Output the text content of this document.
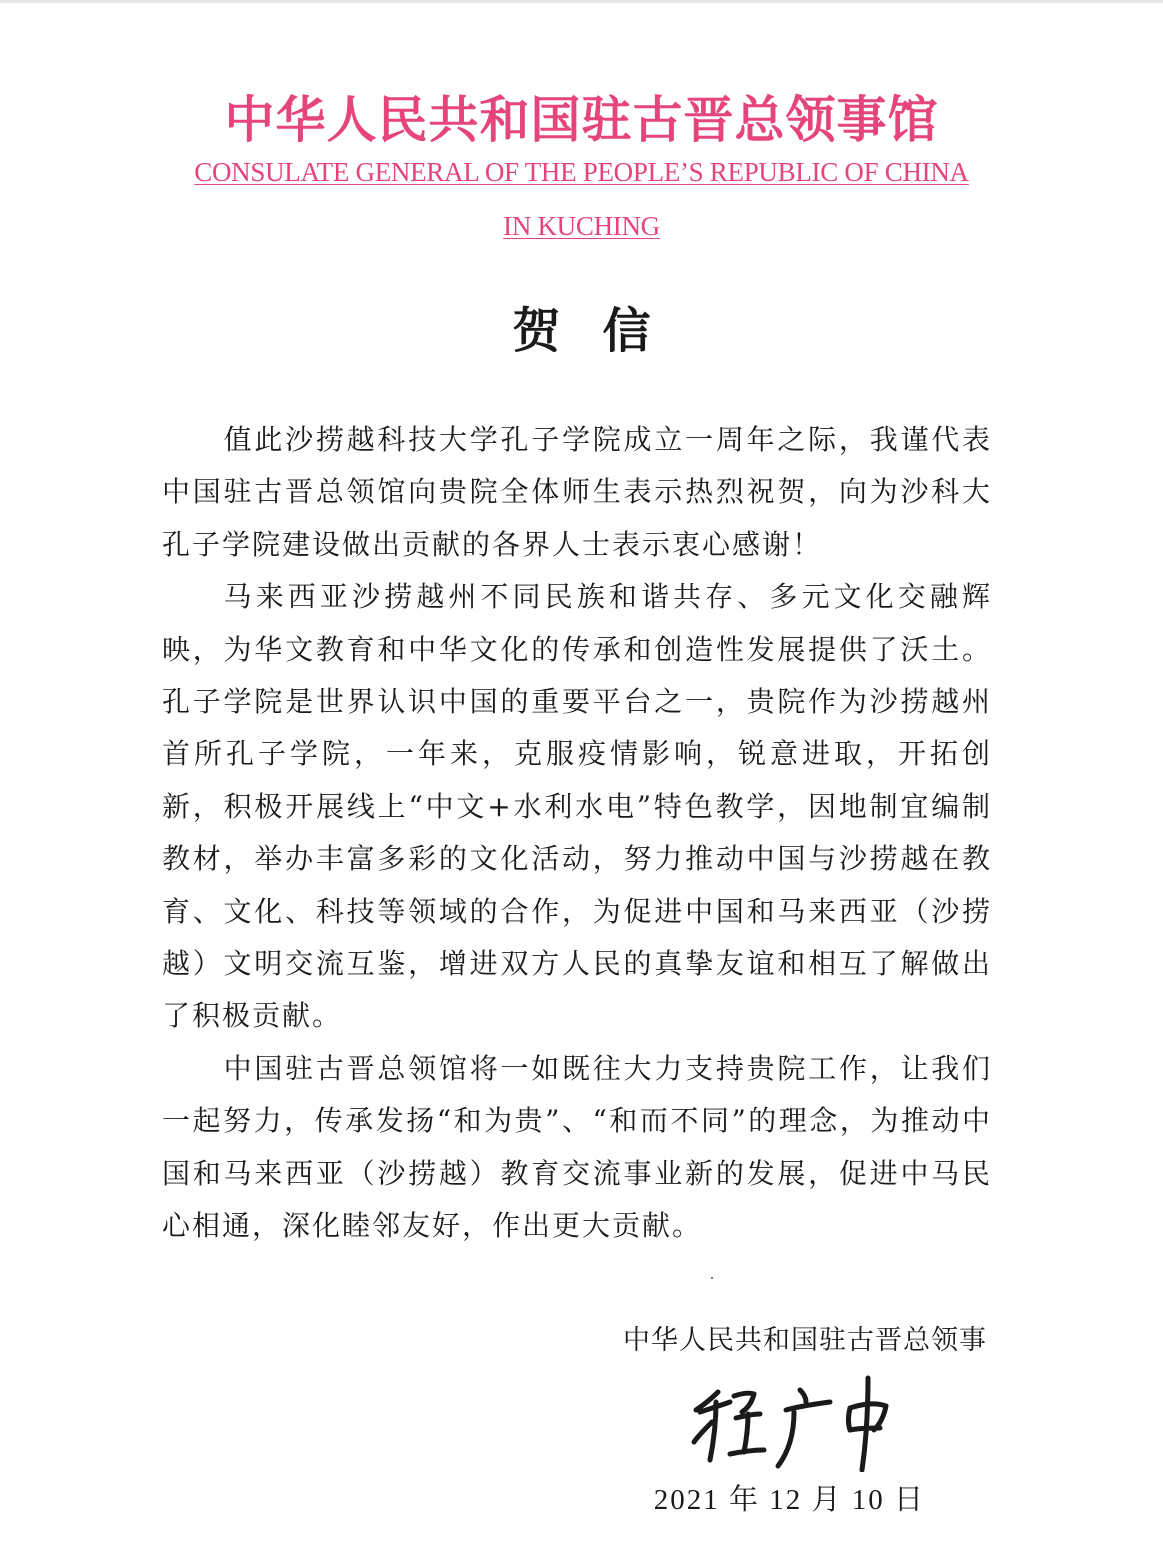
中华人民共和国驻古晋总领事馆
CONSULATE GENERAL OF THE PEOPLE’S REPUBLIC OF CHINA
IN KUCHING
贺信

值此沙捞越科技大学孔子学院成立一周年之际，我谨代表中国驻古晋总领馆向贵院全体师生表示热烈祝贺，向为沙科大孔子学院建设做出贡献的各界人士表示衷心感谢！

马来西亚沙捞越州不同民族和谐共存、多元文化交融辉映，为华文教育和中华文化的传承和创造性发展提供了沃土。孔子学院是世界认识中国的重要平台之一，贵院作为沙捞越州首所孔子学院，一年来，克服疫情影响，锐意进取，开拓创新，积极开展线上“中文+水利水电”特色教学，因地制宜编制教材，举办丰富多彩的文化活动，努力推动中国与沙捞越在教育、文化、科技等领域的合作，为促进中国和马来西亚（沙捞越）文明交流互鉴，增进双方人民的真挚友谊和相互了解做出了积极贡献。

中国驻古晋总领馆将一如既往大力支持贵院工作，让我们一起努力，传承发扬“和为贵”、“和而不同”的理念，为推动中国和马来西亚（沙捞越）教育交流事业新的发展，促进中马民心相通，深化睦邻友好，作出更大贡献。

中华人民共和国驻古晋总领事
2021 年 12 月 10 日
